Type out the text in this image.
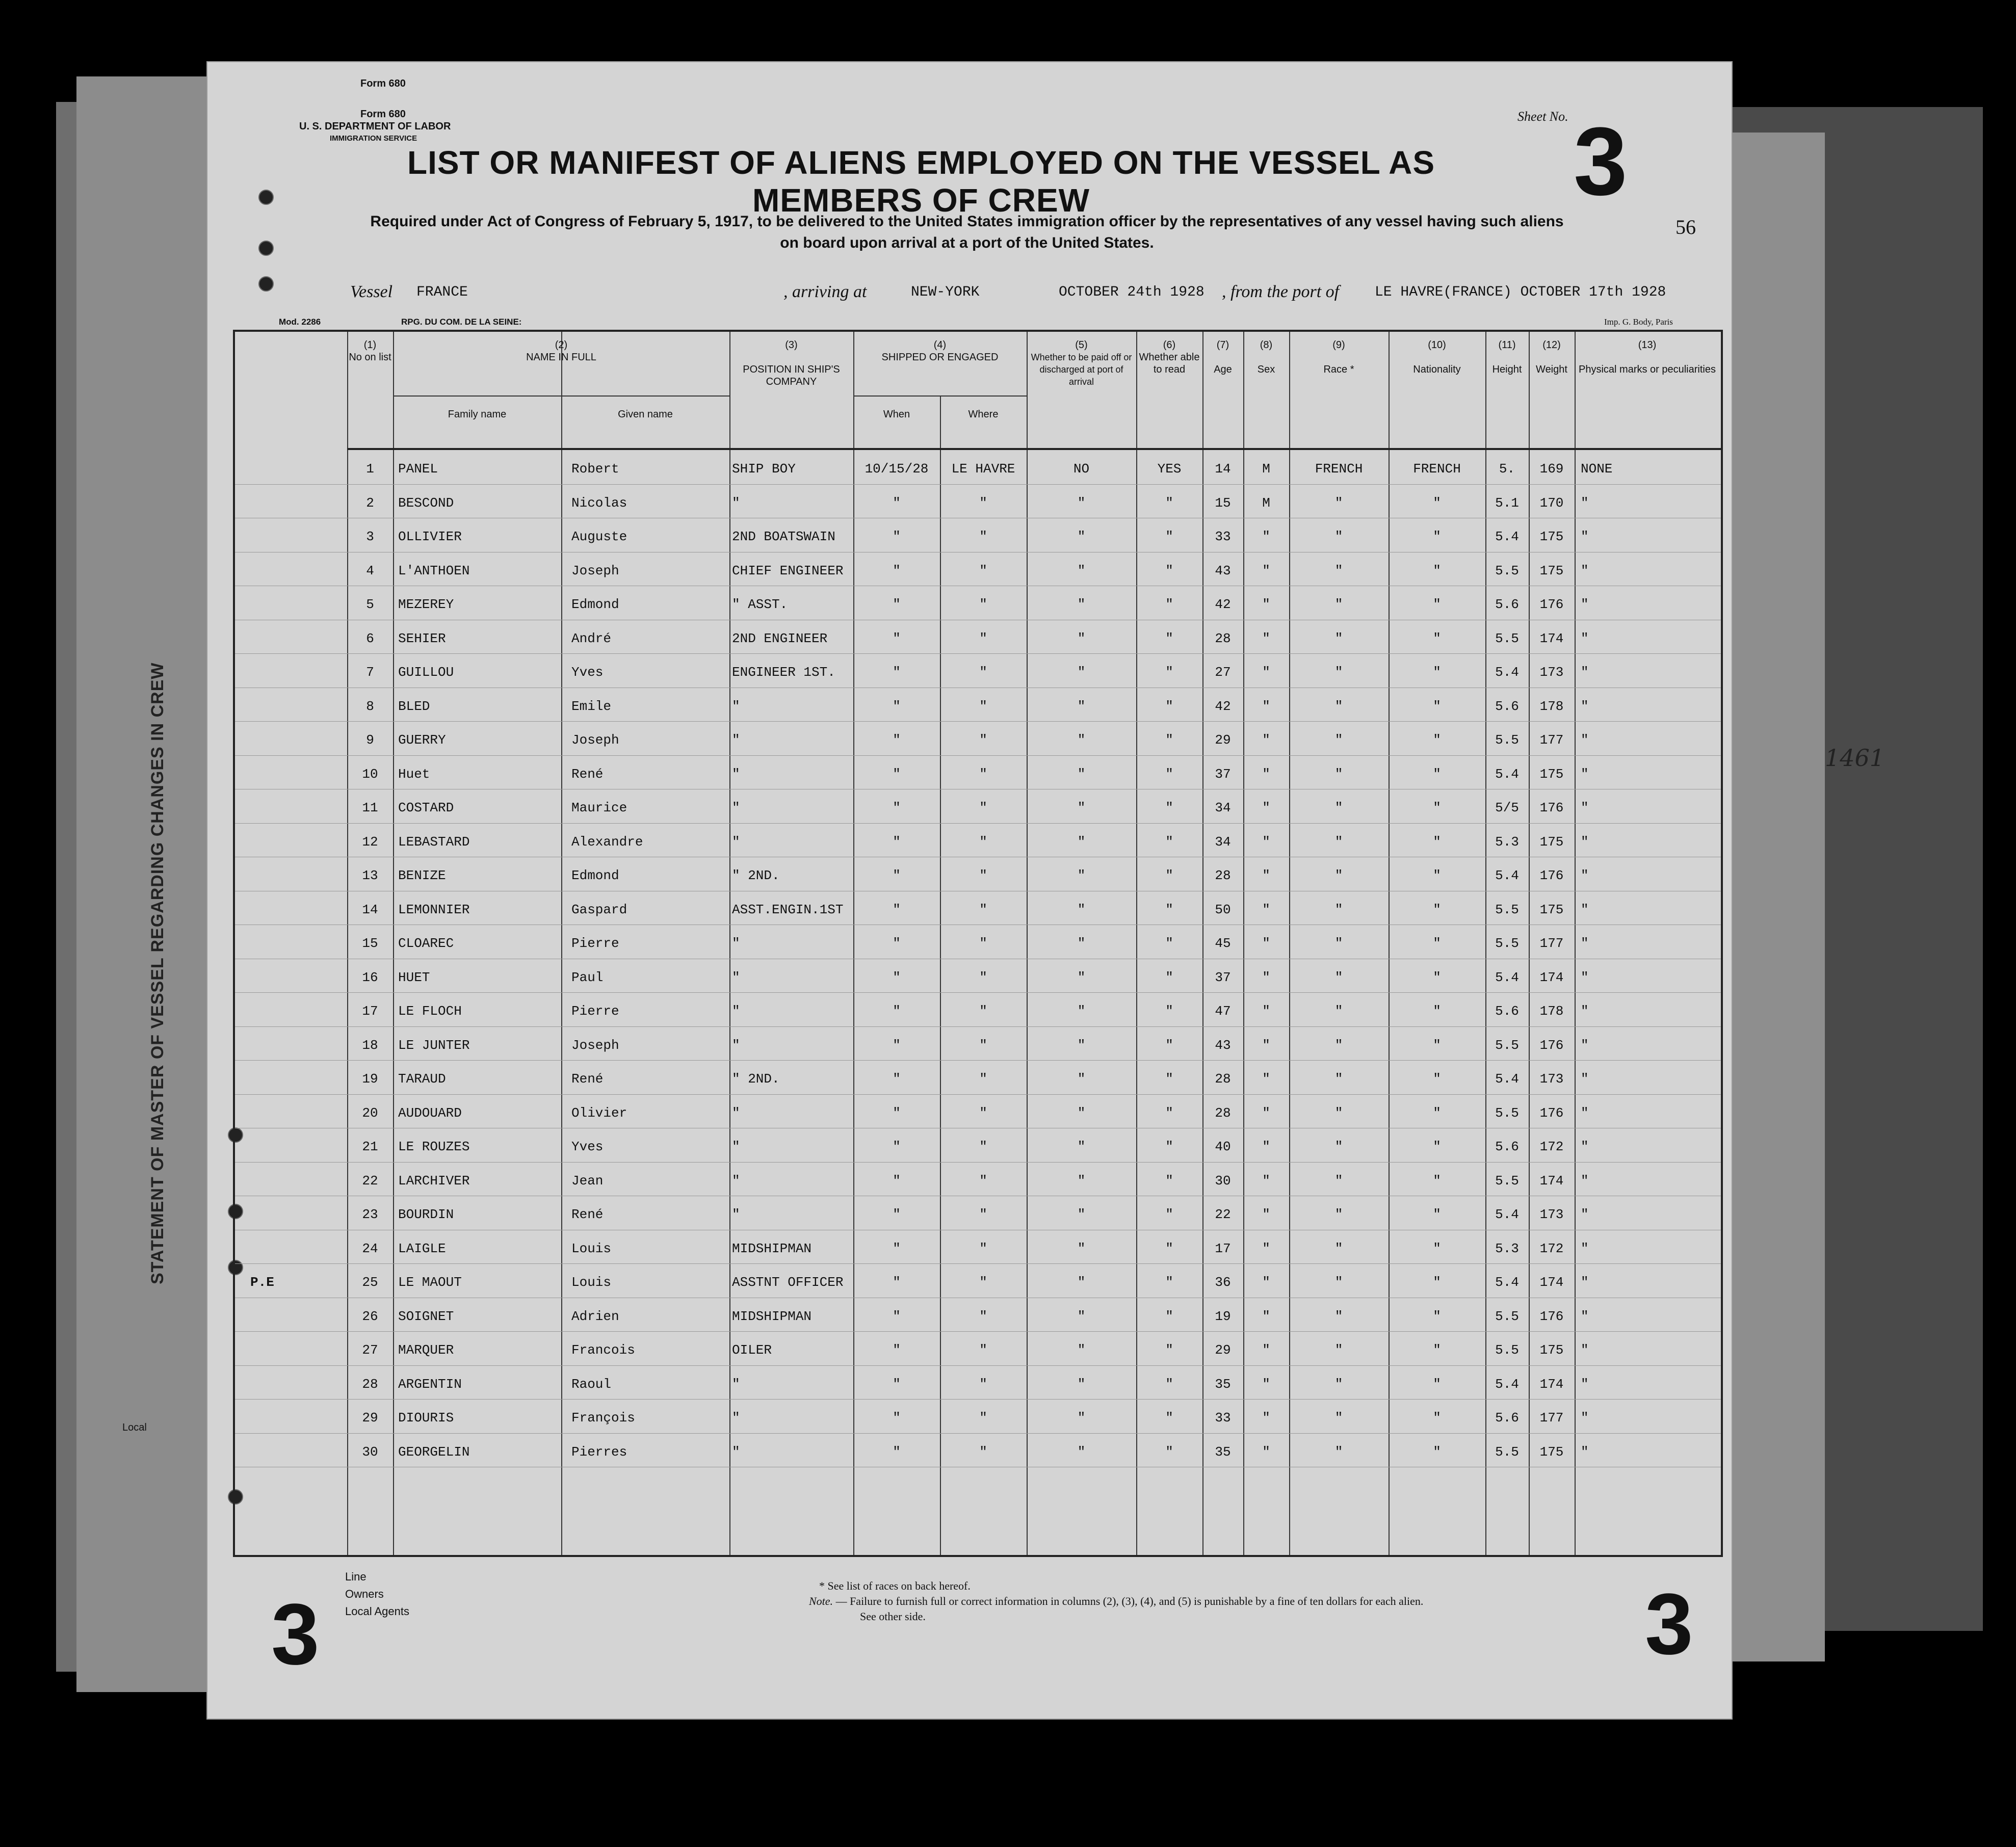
STATEMENT OF MASTER OF VESSEL REGARDING CHANGES IN CREW
Local
1461
Form 680
Form 680
U. S. DEPARTMENT OF LABOR
IMMIGRATION SERVICE
Sheet No. 3
LIST OR MANIFEST OF ALIENS EMPLOYED ON THE VESSEL AS MEMBERS OF CREW
Required under Act of Congress of February 5, 1917, to be delivered to the United States immigration officer by the representatives of any vessel having such aliens
on board upon arrival at a port of the United States.
56
Vessel FRANCE	, arriving at	NEW-YORK	OCTOBER 24th 1928 , from the port of LE HAVRE(FRANCE) OCTOBER 17th 1928
Mod. 2286	RPG. DU COM. DE LA SEINE:	Imp. G. Body, Paris
(1)
No on list
(2)
NAME IN FULL
Family name	Given name
(3)

POSITION IN SHIP'S COMPANY
(4)
SHIPPED OR ENGAGED
When	Where
(5)
Whether to be paid off or discharged at port of arrival
(6)
Whether able to read
(7)

Age
(8)

Sex
(9)

Race *
(10)

Nationality
(11)

Height
(12)

Weight
(13)

Physical marks or peculiarities
1	PANEL	Robert	SHIP BOY	10/15/28	LE HAVRE	NO	YES	14	M	FRENCH	FRENCH	5.	169	NONE
2	BESCOND	Nicolas	"	"	"	"	"	15	M	"	"	5.1	170	"
3	OLLIVIER	Auguste	2ND BOATSWAIN	"	"	"	"	33	"	"	"	5.4	175	"
4	L'ANTHOEN	Joseph	CHIEF ENGINEER	"	"	"	"	43	"	"	"	5.5	175	"
5	MEZEREY	Edmond	" ASST.	"	"	"	"	42	"	"	"	5.6	176	"
6	SEHIER	André	2ND ENGINEER	"	"	"	"	28	"	"	"	5.5	174	"
7	GUILLOU	Yves	ENGINEER 1ST.	"	"	"	"	27	"	"	"	5.4	173	"
8	BLED	Emile	"	"	"	"	"	42	"	"	"	5.6	178	"
9	GUERRY	Joseph	"	"	"	"	"	29	"	"	"	5.5	177	"
10	Huet	René	"	"	"	"	"	37	"	"	"	5.4	175	"
11	COSTARD	Maurice	"	"	"	"	"	34	"	"	"	5/5	176	"
12	LEBASTARD	Alexandre	"	"	"	"	"	34	"	"	"	5.3	175	"
13	BENIZE	Edmond	" 2ND.	"	"	"	"	28	"	"	"	5.4	176	"
14	LEMONNIER	Gaspard	ASST.ENGIN.1ST	"	"	"	"	50	"	"	"	5.5	175	"
15	CLOAREC	Pierre	"	"	"	"	"	45	"	"	"	5.5	177	"
16	HUET	Paul	"	"	"	"	"	37	"	"	"	5.4	174	"
17	LE FLOCH	Pierre	"	"	"	"	"	47	"	"	"	5.6	178	"
18	LE JUNTER	Joseph	"	"	"	"	"	43	"	"	"	5.5	176	"
19	TARAUD	René	" 2ND.	"	"	"	"	28	"	"	"	5.4	173	"
20	AUDOUARD	Olivier	"	"	"	"	"	28	"	"	"	5.5	176	"
21	LE ROUZES	Yves	"	"	"	"	"	40	"	"	"	5.6	172	"
22	LARCHIVER	Jean	"	"	"	"	"	30	"	"	"	5.5	174	"
23	BOURDIN	René	"	"	"	"	"	22	"	"	"	5.4	173	"
24	LAIGLE	Louis	MIDSHIPMAN	"	"	"	"	17	"	"	"	5.3	172	"
25	LE MAOUT	Louis	ASSTNT OFFICER	"	"	"	"	36	"	"	"	5.4	174	"
P.E
26	SOIGNET	Adrien	MIDSHIPMAN	"	"	"	"	19	"	"	"	5.5	176	"
27	MARQUER	Francois	OILER	"	"	"	"	29	"	"	"	5.5	175	"
28	ARGENTIN	Raoul	"	"	"	"	"	35	"	"	"	5.4	174	"
29	DIOURIS	François	"	"	"	"	"	33	"	"	"	5.6	177	"
30	GEORGELIN	Pierres	"	"	"	"	"	35	"	"	"	5.5	175	"
Line
Owners
Local Agents
* See list of races on back hereof.
Note. — Failure to furnish full or correct information in columns (2), (3), (4), and (5) is punishable by a fine of ten dollars for each alien.
See other side.
3	3
